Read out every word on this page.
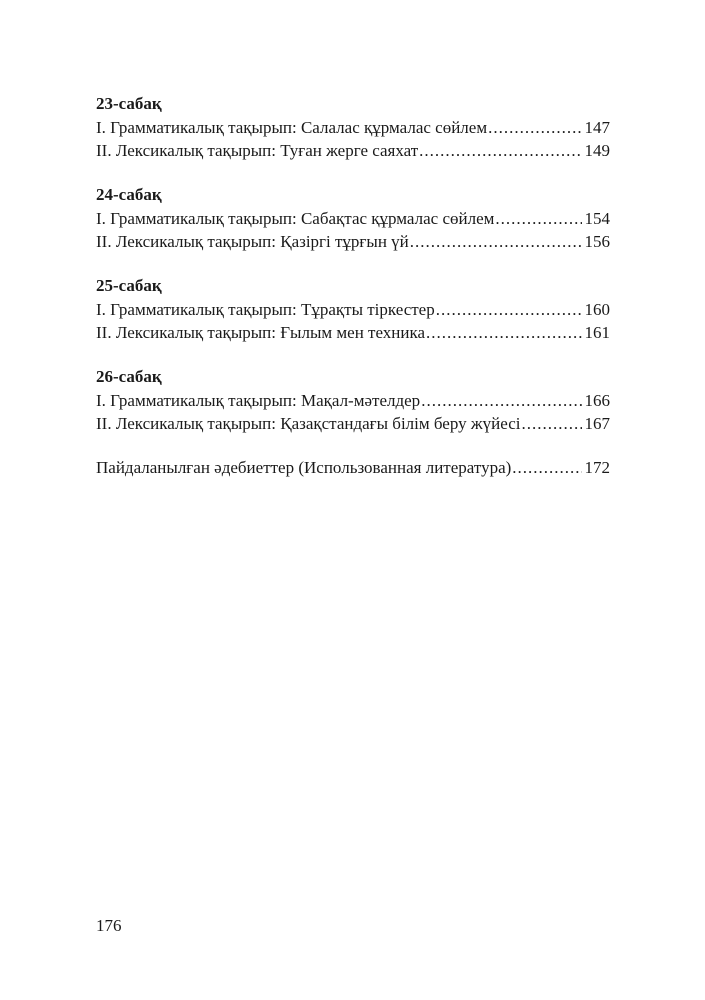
23-сабақ
I. Грамматикалық тақырып: Салалас құрмалас сөйлем .....	147
II. Лексикалық тақырып: Туған жерге саяхат .....	149
24-сабақ
I. Грамматикалық тақырып: Сабақтас құрмалас сөйлем .....	154
II. Лексикалық тақырып: Қазіргі тұрғын үй .....	156
25-сабақ
I. Грамматикалық тақырып: Тұрақты тіркестер .....	160
II. Лексикалық тақырып: Ғылым мен техника .....	161
26-сабақ
I. Грамматикалық тақырып: Мақал-мәтелдер .....	166
II. Лексикалық тақырып: Қазақстандағы білім беру жүйесі .....	167
Пайдаланылған әдебиеттер (Использованная литература) .....	172
176
